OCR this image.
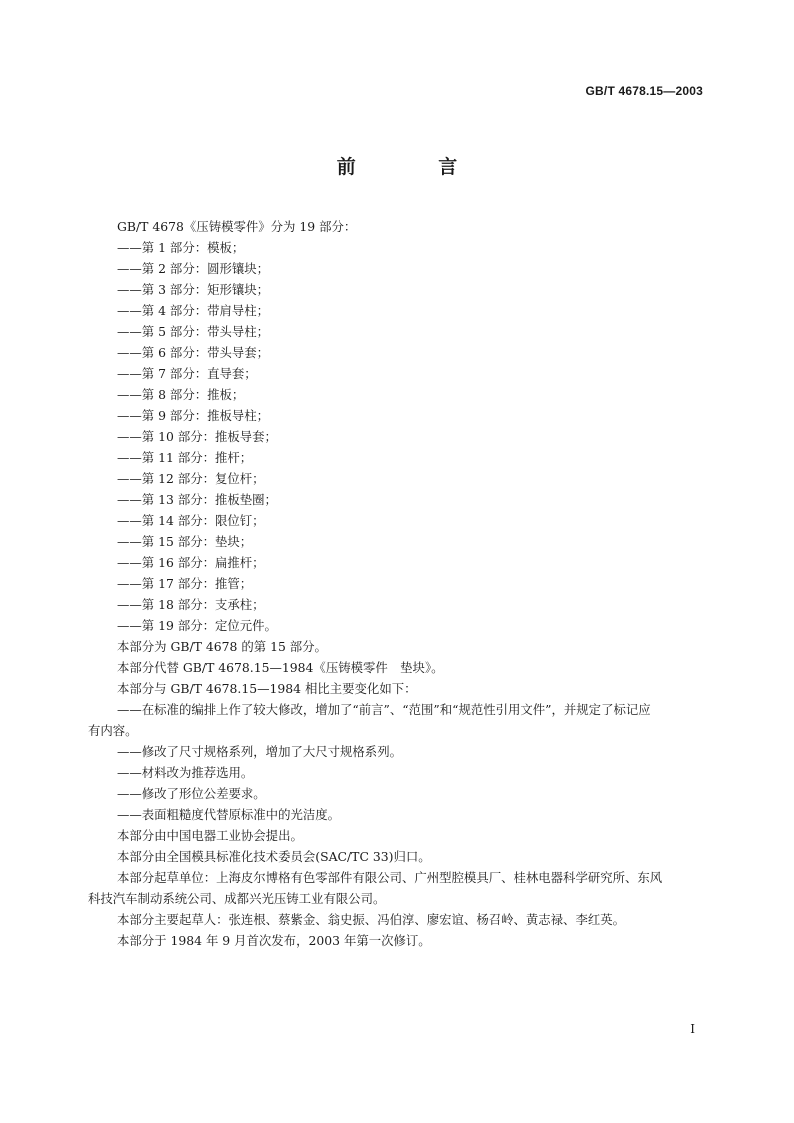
GB/T 4678.15—2003
前 言
GB/T 4678《压铸模零件》分为 19 部分：
——第 1 部分：模板；
——第 2 部分：圆形镶块；
——第 3 部分：矩形镶块；
——第 4 部分：带肩导柱；
——第 5 部分：带头导柱；
——第 6 部分：带头导套；
——第 7 部分：直导套；
——第 8 部分：推板；
——第 9 部分：推板导柱；
——第 10 部分：推板导套；
——第 11 部分：推杆；
——第 12 部分：复位杆；
——第 13 部分：推板垫圈；
——第 14 部分：限位钉；
——第 15 部分：垫块；
——第 16 部分：扁推杆；
——第 17 部分：推管；
——第 18 部分：支承柱；
——第 19 部分：定位元件。
本部分为 GB/T 4678 的第 15 部分。
本部分代替 GB/T 4678.15—1984《压铸模零件　垫块》。
本部分与 GB/T 4678.15—1984 相比主要变化如下：
——在标准的编排上作了较大修改，增加了“前言”、“范围”和“规范性引用文件”，并规定了标记应
有内容。
——修改了尺寸规格系列，增加了大尺寸规格系列。
——材料改为推荐选用。
——修改了形位公差要求。
——表面粗糙度代替原标准中的光洁度。
本部分由中国电器工业协会提出。
本部分由全国模具标准化技术委员会(SAC/TC 33)归口。
本部分起草单位：上海皮尔博格有色零部件有限公司、广州型腔模具厂、桂林电器科学研究所、东风
科技汽车制动系统公司、成都兴光压铸工业有限公司。
本部分主要起草人：张连根、蔡紫金、翁史振、冯伯淳、廖宏谊、杨召岭、黄志禄、李红英。
本部分于 1984 年 9 月首次发布，2003 年第一次修订。
I
